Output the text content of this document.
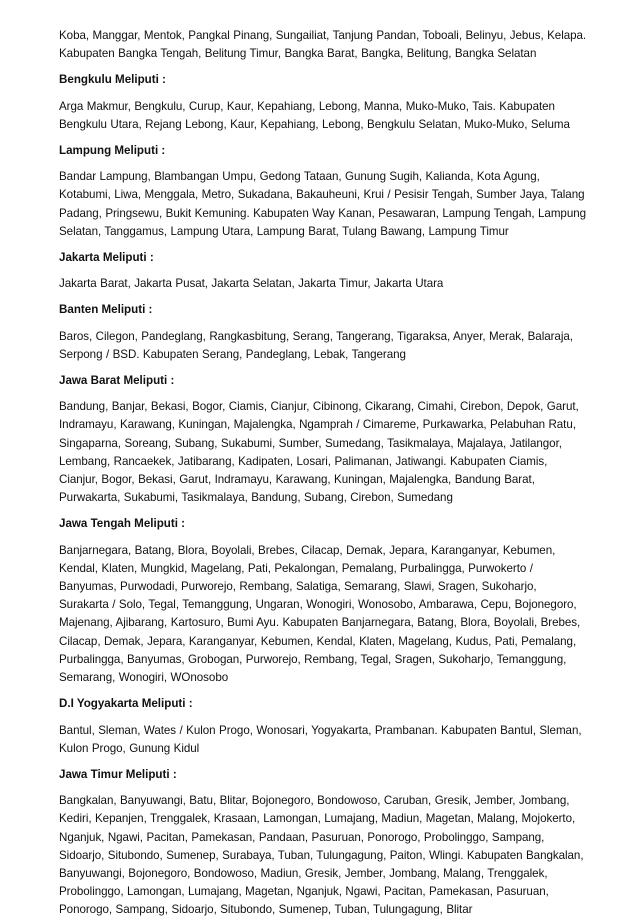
Koba, Manggar, Mentok, Pangkal Pinang, Sungailiat, Tanjung Pandan, Toboali, Belinyu, Jebus, Kelapa. Kabupaten Bangka Tengah, Belitung Timur, Bangka Barat, Bangka, Belitung, Bangka Selatan

Bengkulu Meliputi :

Arga Makmur, Bengkulu, Curup, Kaur, Kepahiang, Lebong, Manna, Muko-Muko, Tais. Kabupaten Bengkulu Utara, Rejang Lebong, Kaur, Kepahiang, Lebong, Bengkulu Selatan, Muko-Muko, Seluma

Lampung Meliputi :

Bandar Lampung, Blambangan Umpu, Gedong Tataan, Gunung Sugih, Kalianda, Kota Agung, Kotabumi, Liwa, Menggala, Metro, Sukadana, Bakauheuni, Krui / Pesisir Tengah, Sumber Jaya, Talang Padang, Pringsewu, Bukit Kemuning. Kabupaten Way Kanan, Pesawaran, Lampung Tengah, Lampung Selatan, Tanggamus, Lampung Utara, Lampung Barat, Tulang Bawang, Lampung Timur

Jakarta Meliputi :

Jakarta Barat, Jakarta Pusat, Jakarta Selatan, Jakarta Timur, Jakarta Utara

Banten Meliputi :

Baros, Cilegon, Pandeglang, Rangkasbitung, Serang, Tangerang, Tigaraksa, Anyer, Merak, Balaraja, Serpong / BSD. Kabupaten Serang, Pandeglang, Lebak, Tangerang

Jawa Barat Meliputi :

Bandung, Banjar, Bekasi, Bogor, Ciamis, Cianjur, Cibinong, Cikarang, Cimahi, Cirebon, Depok, Garut, Indramayu, Karawang, Kuningan, Majalengka, Ngamprah / Cimareme, Purkawarka, Pelabuhan Ratu, Singaparna, Soreang, Subang, Sukabumi, Sumber, Sumedang, Tasikmalaya, Majalaya, Jatilangor, Lembang, Rancaekek, Jatibarang, Kadipaten, Losari, Palimanan, Jatiwangi. Kabupaten Ciamis, Cianjur, Bogor, Bekasi, Garut, Indramayu, Karawang, Kuningan, Majalengka, Bandung Barat, Purwakarta, Sukabumi, Tasikmalaya, Bandung, Subang, Cirebon, Sumedang

Jawa Tengah Meliputi :

Banjarnegara, Batang, Blora, Boyolali, Brebes, Cilacap, Demak, Jepara, Karanganyar, Kebumen, Kendal, Klaten, Mungkid, Magelang, Pati, Pekalongan, Pemalang, Purbalingga, Purwokerto / Banyumas, Purwodadi, Purworejo, Rembang, Salatiga, Semarang, Slawi, Sragen, Sukoharjo, Surakarta / Solo, Tegal, Temanggung, Ungaran, Wonogiri, Wonosobo, Ambarawa, Cepu, Bojonegoro, Majenang, Ajibarang, Kartosuro, Bumi Ayu. Kabupaten Banjarnegara, Batang, Blora, Boyolali, Brebes, Cilacap, Demak, Jepara, Karanganyar, Kebumen, Kendal, Klaten, Magelang, Kudus, Pati, Pemalang, Purbalingga, Banyumas, Grobogan, Purworejo, Rembang, Tegal, Sragen, Sukoharjo, Temanggung, Semarang, Wonogiri, WOnosobo

D.I Yogyakarta Meliputi :

Bantul, Sleman, Wates / Kulon Progo, Wonosari, Yogyakarta, Prambanan. Kabupaten Bantul, Sleman, Kulon Progo, Gunung Kidul

Jawa Timur Meliputi :

Bangkalan, Banyuwangi, Batu, Blitar, Bojonegoro, Bondowoso, Caruban, Gresik, Jember, Jombang, Kediri, Kepanjen, Trenggalek, Krasaan, Lamongan, Lumajang, Madiun, Magetan, Malang, Mojokerto, Nganjuk, Ngawi, Pacitan, Pamekasan, Pandaan, Pasuruan, Ponorogo, Probolinggo, Sampang, Sidoarjo, Situbondo, Sumenep, Surabaya, Tuban, Tulungagung, Paiton, Wlingi. Kabupaten Bangkalan, Banyuwangi, Bojonegoro, Bondowoso, Madiun, Gresik, Jember, Jombang, Malang, Trenggalek, Probolinggo, Lamongan, Lumajang, Magetan, Nganjuk, Ngawi, Pacitan, Pamekasan, Pasuruan, Ponorogo, Sampang, Sidoarjo, Situbondo, Sumenep, Tuban, Tulungagung, Blitar
